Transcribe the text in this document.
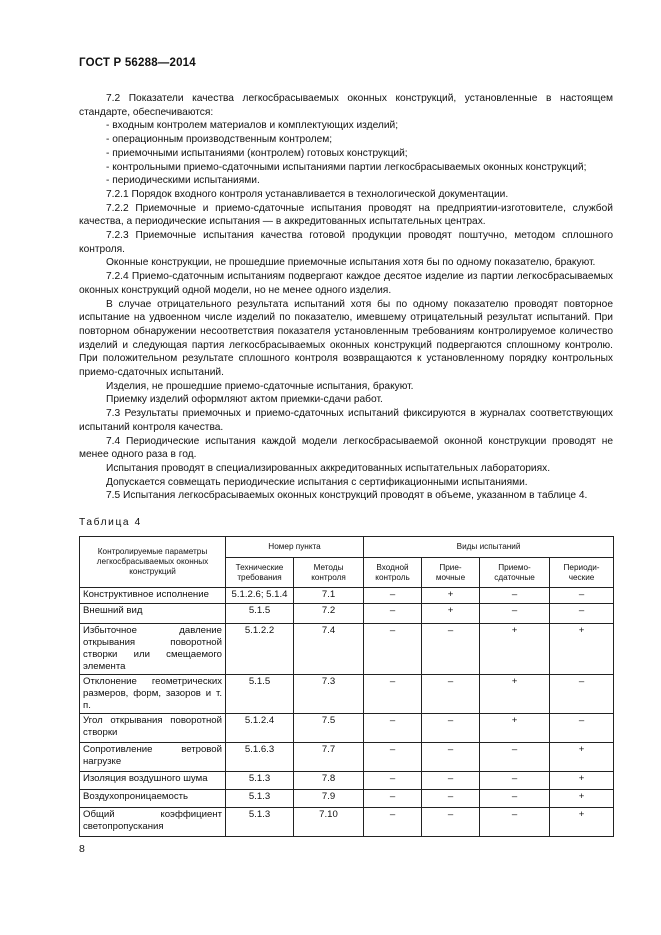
ГОСТ Р 56288—2014

7.2 Показатели качества легкосбрасываемых оконных конструкций, установленные в настоящем стандарте, обеспечиваются:

- входным контролем материалов и комплектующих изделий;

- операционным производственным контролем;

- приемочными испытаниями (контролем) готовых конструкций;

- контрольными приемо-сдаточными испытаниями партии легкосбрасываемых оконных конструкций;

- периодическими испытаниями.

7.2.1 Порядок входного контроля устанавливается в технологической документации.

7.2.2 Приемочные и приемо-сдаточные испытания проводят на предприятии-изготовителе, службой качества, а периодические испытания — в аккредитованных испытательных центрах.

7.2.3 Приемочные испытания качества готовой продукции проводят поштучно, методом сплошного контроля.

Оконные конструкции, не прошедшие приемочные испытания хотя бы по одному показателю, бракуют.

7.2.4 Приемо-сдаточным испытаниям подвергают каждое десятое изделие из партии легкосбрасываемых оконных конструкций одной модели, но не менее одного изделия.

В случае отрицательного результата испытаний хотя бы по одному показателю проводят повторное испытание на удвоенном числе изделий по показателю, имевшему отрицательный результат испытаний. При повторном обнаружении несоответствия показателя установленным требованиям контролируемое количество изделий и следующая партия легкосбрасываемых оконных конструкций подвергаются сплошному контролю. При положительном результате сплошного контроля возвращаются к установленному порядку контрольных приемо-сдаточных испытаний.

Изделия, не прошедшие приемо-сдаточные испытания, бракуют.

Приемку изделий оформляют актом приемки-сдачи работ.

7.3 Результаты приемочных и приемо-сдаточных испытаний фиксируются в журналах соответствующих испытаний контроля качества.

7.4 Периодические испытания каждой модели легкосбрасываемой оконной конструкции проводят не менее одного раза в год.

Испытания проводят в специализированных аккредитованных испытательных лабораториях.

Допускается совмещать периодические испытания с сертификационными испытаниями.

7.5 Испытания легкосбрасываемых оконных конструкций проводят в объеме, указанном в таблице 4.

Таблица 4
Контролируемые параметры легкосбрасываемых оконных конструкций	Номер пункта		Виды испытаний			
	Технические требования	Методы контроля	Входной контроль	Прие-мочные	Приемо-сдаточные	Периоди-ческие
Конструктивное исполнение	5.1.2.6; 5.1.4	7.1	–	+	–	–
Внешний вид	5.1.5	7.2	–	+	–	–
Избыточное давление открывания поворотной створки или смещаемого элемента	5.1.2.2	7.4	–	–	+	+
Отклонение геометрических размеров, форм, зазоров и т. п.	5.1.5	7.3	–	–	+	–
Угол открывания поворотной створки	5.1.2.4	7.5	–	–	+	–
Сопротивление ветровой нагрузке	5.1.6.3	7.7	–	–	–	+
Изоляция воздушного шума	5.1.3	7.8	–	–	–	+
Воздухопроницаемость	5.1.3	7.9	–	–	–	+
Общий коэффициент светопропускания	5.1.3	7.10	–	–	–	+
8
